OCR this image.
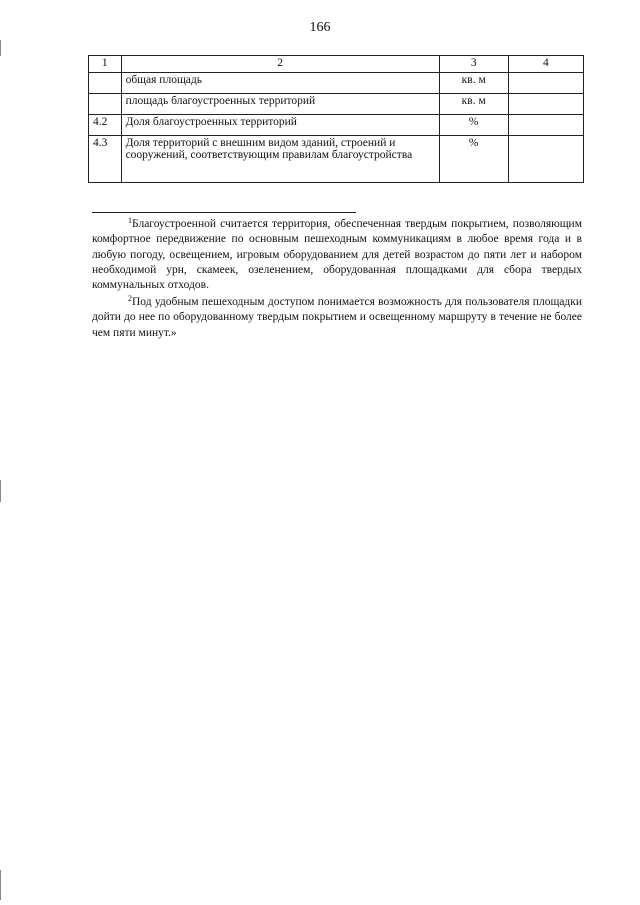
166
1	2	3	4
	общая площадь	кв. м	
	площадь благоустроенных территорий	кв. м	
4.2	Доля благоустроенных территорий	%	
4.3	Доля территорий с внешним видом зданий, строений и сооружений, соответствующим правилам благоустройства	%	

$^1$Благоустроенной считается территория, обеспеченная твердым покрытием, позволяющим комфортное передвижение по основным пешеходным коммуникациям в любое время года и в любую погоду, освещением, игровым оборудованием для детей возрастом до пяти лет и набором необходимой урн, скамеек, озеленением, оборудованная площадками для сбора твердых коммунальных отходов.

$^2$Под удобным пешеходным доступом понимается возможность для пользователя площадки дойти до нее по оборудованному твердым покрытием и освещенному маршруту в течение не более чем пяти минут.»
